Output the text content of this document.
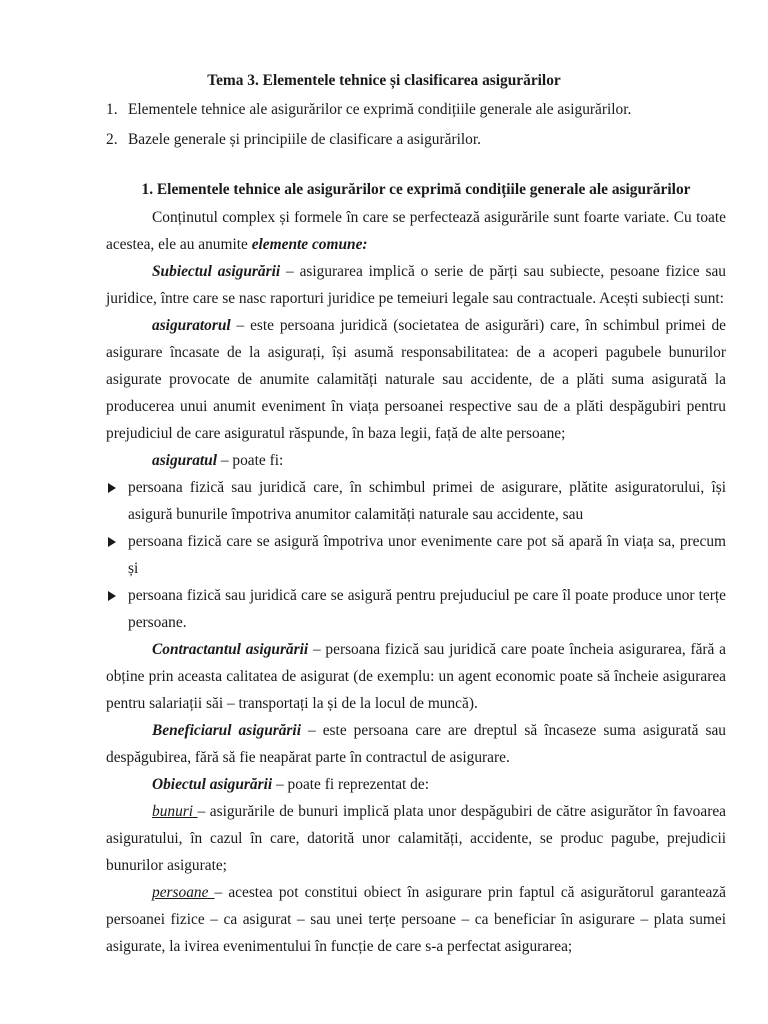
Tema 3. Elementele tehnice și clasificarea asigurărilor
1. Elementele tehnice ale asigurărilor ce exprimă condițiile generale ale asigurărilor.
2. Bazele generale și principiile de clasificare a asigurărilor.
1. Elementele tehnice ale asigurărilor ce exprimă condițiile generale ale asigurărilor

Conținutul complex și formele în care se perfectează asigurările sunt foarte variate. Cu toate acestea, ele au anumite elemente comune:

Subiectul asigurării – asigurarea implică o serie de părți sau subiecte, pesoane fizice sau juridice, între care se nasc raporturi juridice pe temeiuri legale sau contractuale. Acești subiecți sunt:

asiguratorul – este persoana juridică (societatea de asigurări) care, în schimbul primei de asigurare încasate de la asigurați, își asumă responsabilitatea: de a acoperi pagubele bunurilor asigurate provocate de anumite calamități naturale sau accidente, de a plăti suma asigurată la producerea unui anumit eveniment în viața persoanei respective sau de a plăti despăgubiri pentru prejudiciul de care asiguratul răspunde, în baza legii, față de alte persoane;

asiguratul – poate fi:

persoana fizică sau juridică care, în schimbul primei de asigurare, plătite asiguratorului, își asigură bunurile împotriva anumitor calamități naturale sau accidente, sau
persoana fizică care se asigură împotriva unor evenimente care pot să apară în viața sa, precum și
persoana fizică sau juridică care se asigură pentru prejuduciul pe care îl poate produce unor terțe persoane.

Contractantul asigurării – persoana fizică sau juridică care poate încheia asigurarea, fără a obține prin aceasta calitatea de asigurat (de exemplu: un agent economic poate să încheie asigurarea pentru salariații săi – transportați la și de la locul de muncă).

Beneficiarul asigurării – este persoana care are dreptul să încaseze suma asigurată sau despăgubirea, fără să fie neapărat parte în contractul de asigurare.

Obiectul asigurării – poate fi reprezentat de:

bunuri – asigurările de bunuri implică plata unor despăgubiri de către asigurător în favoarea asiguratului, în cazul în care, datorită unor calamități, accidente, se produc pagube, prejudicii bunurilor asigurate;

persoane – acestea pot constitui obiect în asigurare prin faptul că asigurătorul garantează persoanei fizice – ca asigurat – sau unei terțe persoane – ca beneficiar în asigurare – plata sumei asigurate, la ivirea evenimentului în funcție de care s-a perfectat asigurarea;
